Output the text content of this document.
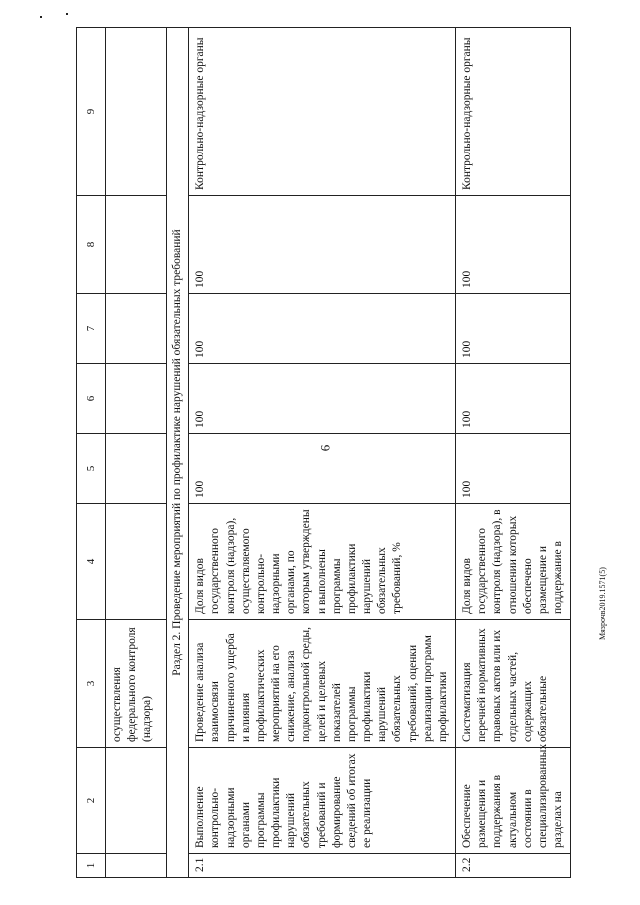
6
Мязрочв2019.1571(5)
1	2	3	4	5	6	7	8	9
		осуществления федерального контроля (надзора)						
Раздел 2. Проведение мероприятий по профилактике нарушений обязательных требований								
2.1	Выполнение контрольно-надзорными органами программы профилактики нарушений обязательных требований и формирование сведений об итогах ее реализации	Проведение анализа взаимосвязи причиненного ущерба и влияния профилактических мероприятий на его снижение, анализа подконтрольной среды, целей и целевых показателей программы профилактики нарушений обязательных требований, оценки реализации программ профилактики	Доля видов государственного контроля (надзора), осуществляемого контрольно-надзорными органами, по которым утверждены и выполнены программы профилактики нарушений обязательных требований, %	100	100	100	100	Контрольно-надзорные органы
2.2	Обеспечение размещения и поддержания в актуальном состоянии в специализированных разделах на	Систематизация перечней нормативных правовых актов или их отдельных частей, содержащих обязательные	Доля видов государственного контроля (надзора), в отношении которых обеспечено размещение и поддержание в	100	100	100	100	Контрольно-надзорные органы
